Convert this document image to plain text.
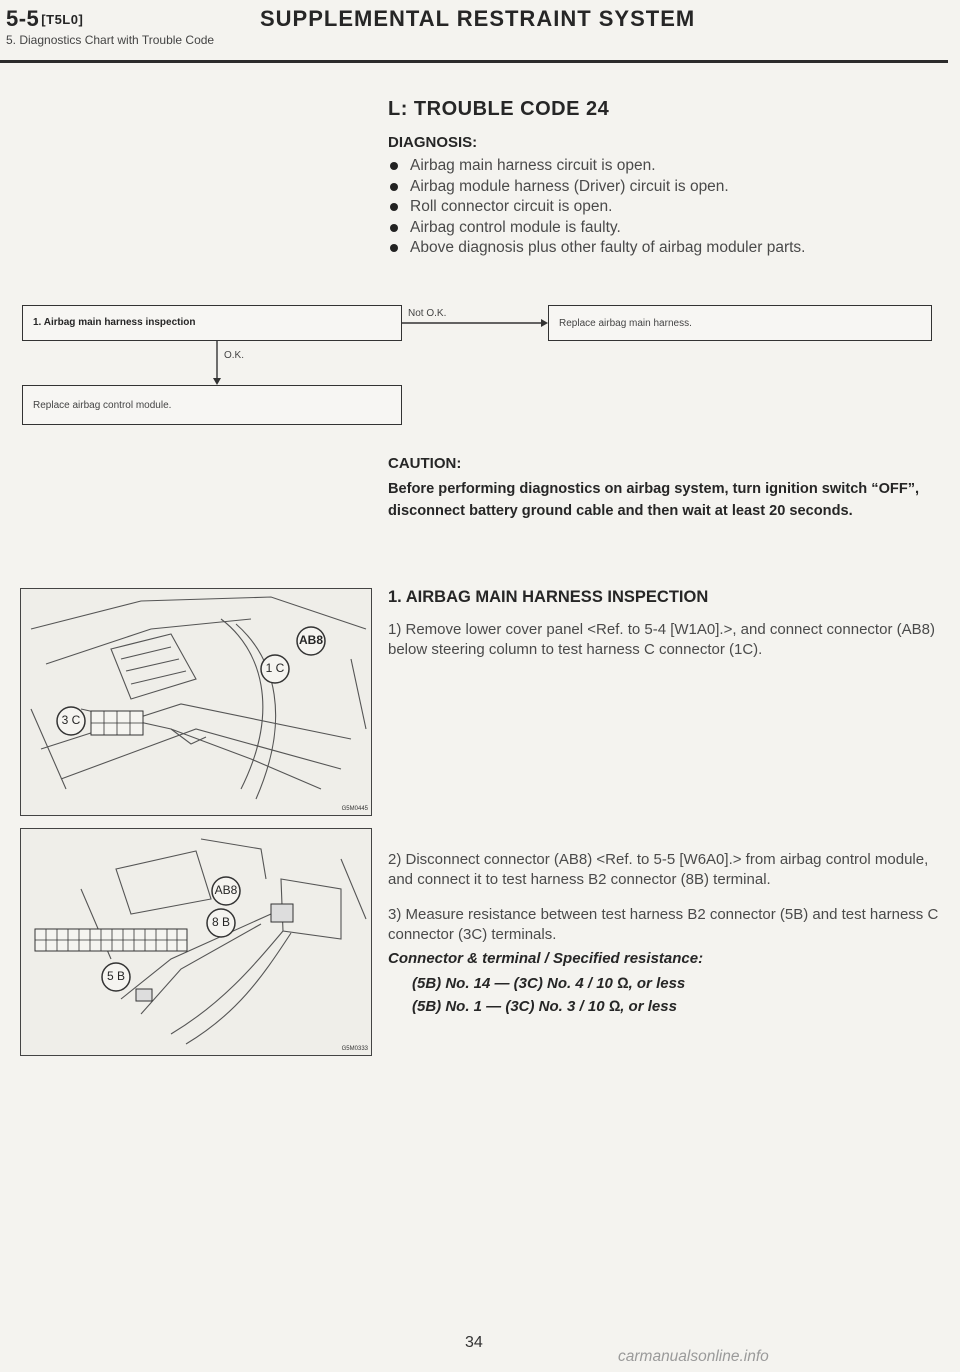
5-5 [T5L0]	SUPPLEMENTAL RESTRAINT SYSTEM
5. Diagnostics Chart with Trouble Code
L: TROUBLE CODE 24
DIAGNOSIS:
Airbag main harness circuit is open.
Airbag module harness (Driver) circuit is open.
Roll connector circuit is open.
Airbag control module is faulty.
Above diagnosis plus other faulty of airbag moduler parts.
1. Airbag main harness inspection
Replace airbag control module.
Replace airbag main harness.
O.K.
Not O.K.
CAUTION:
Before performing diagnostics on airbag system, turn ignition switch “OFF”, disconnect battery ground cable and then wait at least 20 seconds.
1. AIRBAG MAIN HARNESS INSPECTION
1) Remove lower cover panel <Ref. to 5-4 [W1A0].>, and connect connector (AB8) below steering column to test harness C connector (1C).
2) Disconnect connector (AB8) <Ref. to 5-5 [W6A0].> from airbag control module, and connect it to test harness B2 connector (8B) terminal.
3) Measure resistance between test harness B2 connector (5B) and test harness C connector (3C) terminals.
Connector & terminal / Specified resistance:
(5B) No. 14 — (3C) No. 4 / 10 Ω, or less
(5B) No. 1 — (3C) No. 3 / 10 Ω, or less
AB8
1 C
3 C
G5M0445
AB8
8 B
5 B
G5M0333
34
carmanualsonline.info
